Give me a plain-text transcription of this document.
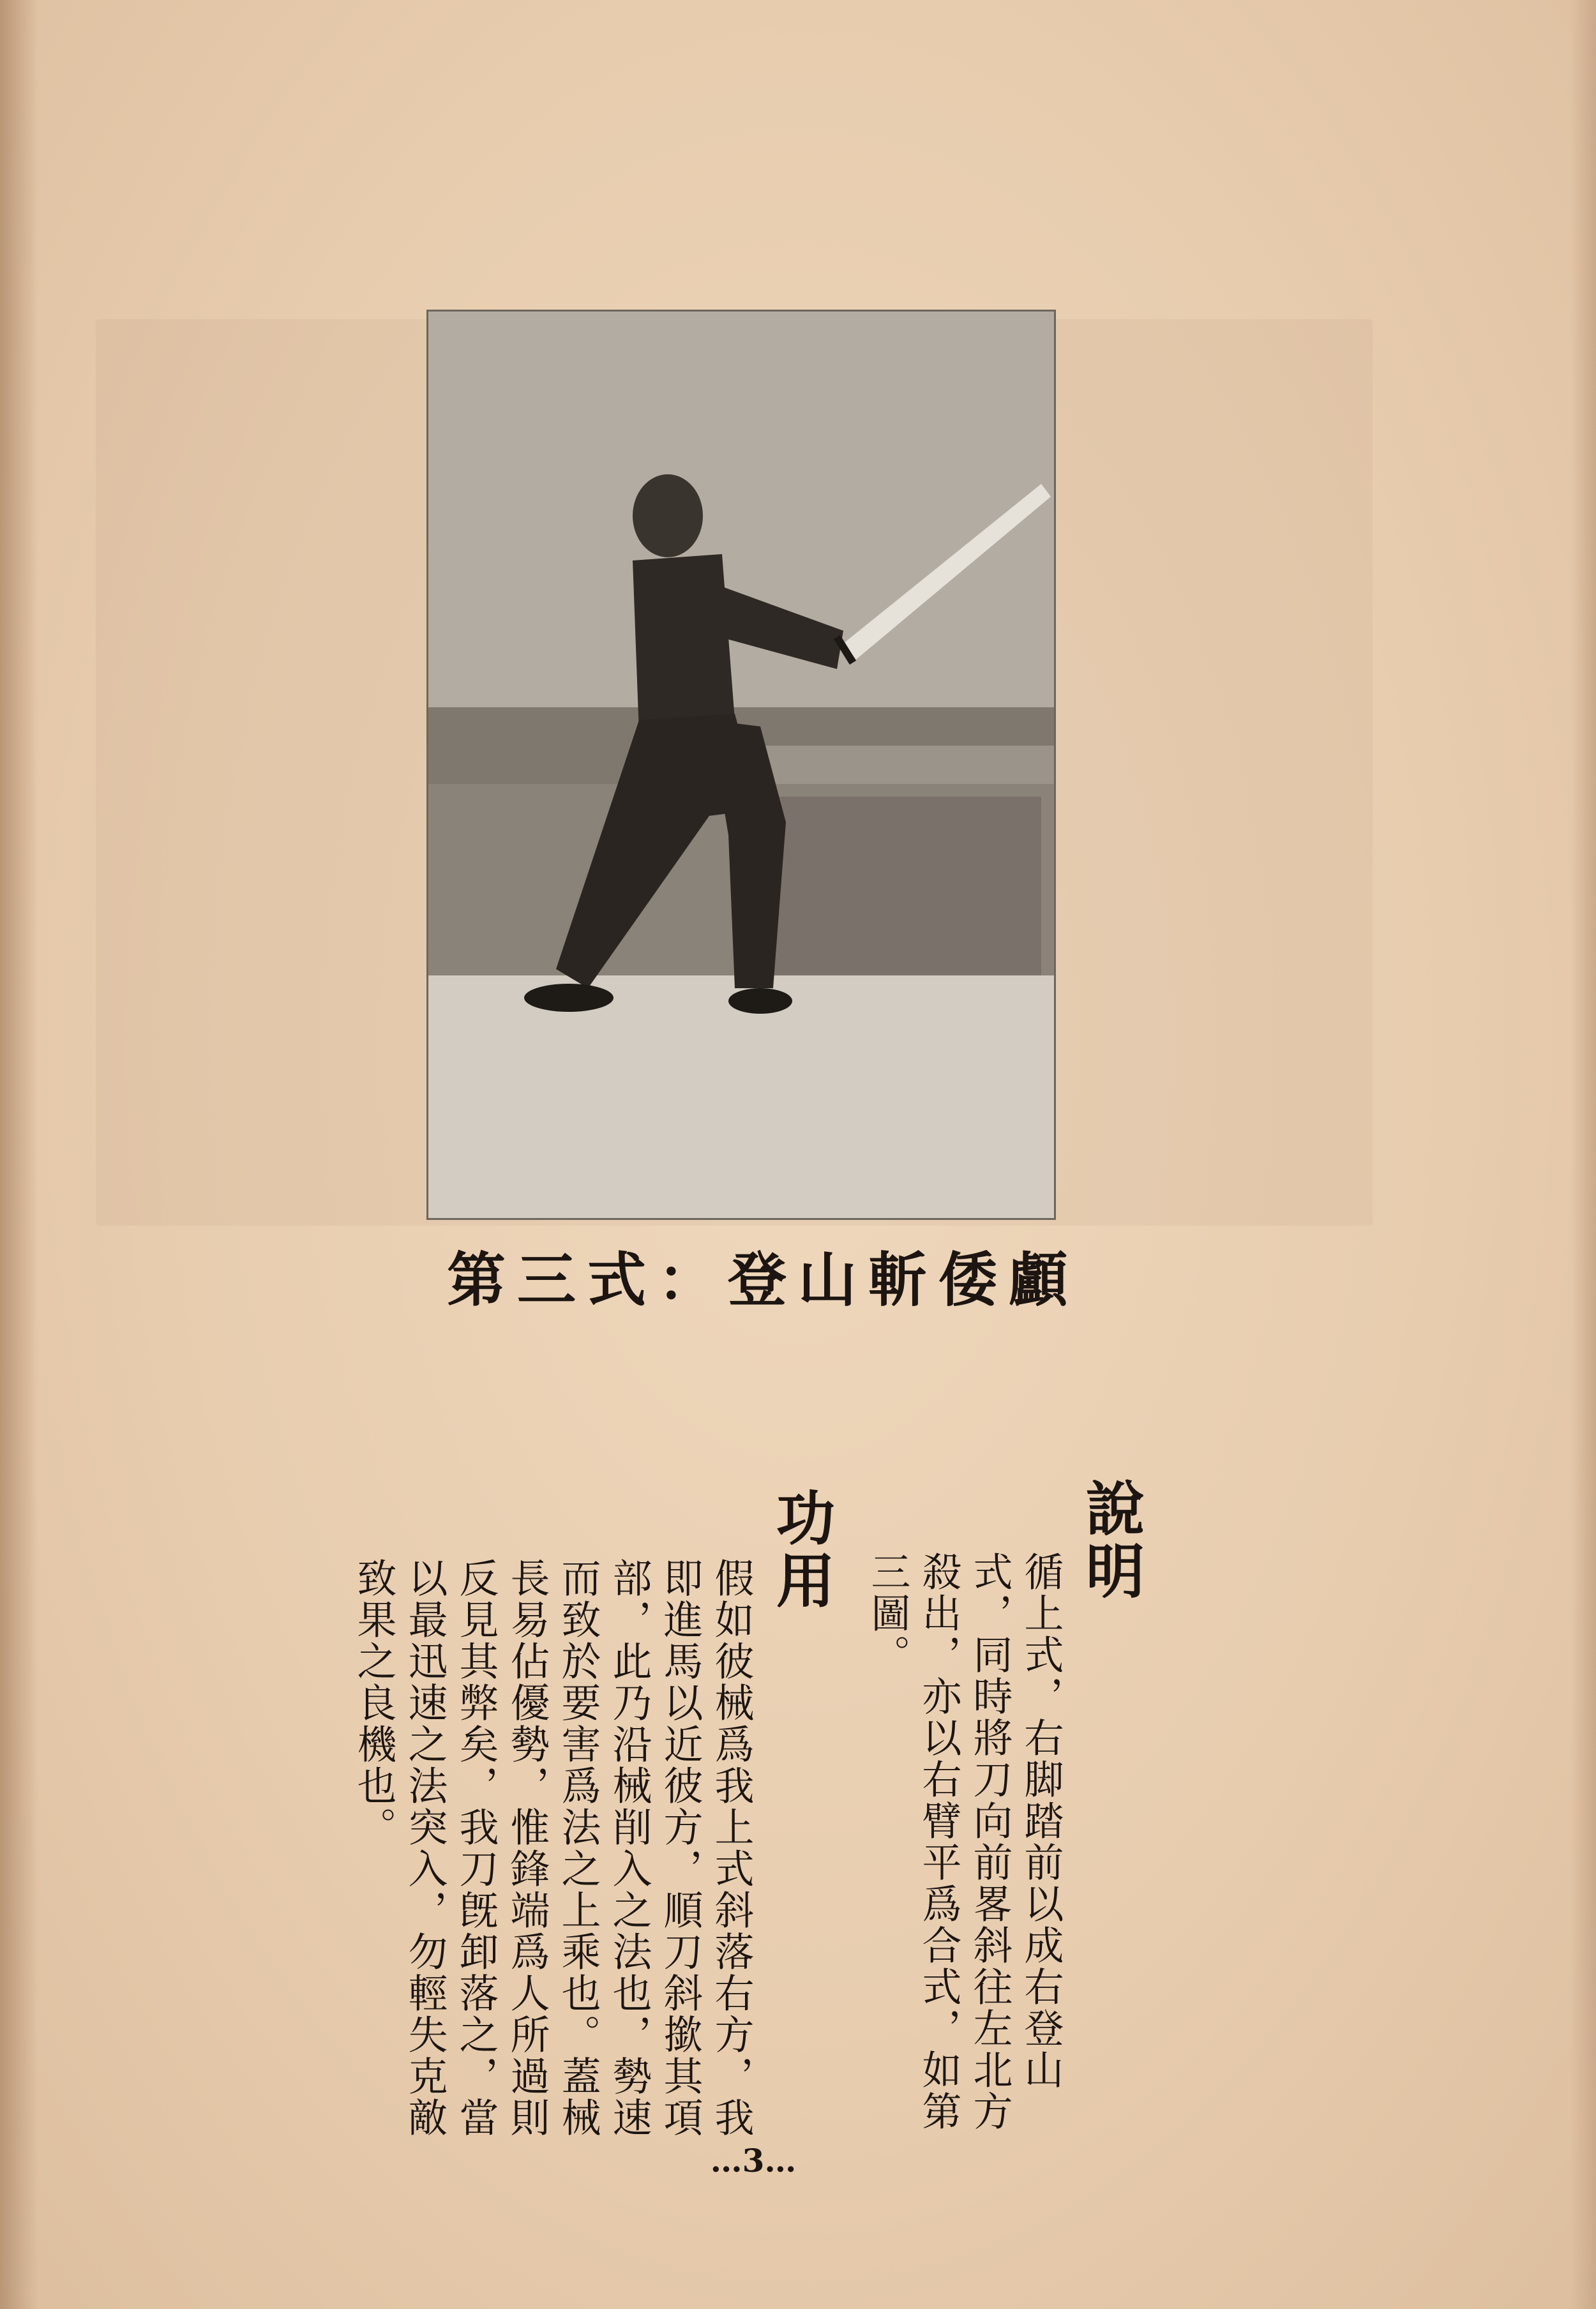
第三式：登山斬倭顱
說明
循上式，右脚踏前以成右登山式，同時將刀向前畧斜往左北方殺出，亦以右臂平爲合式，如第三圖。
功用
假如彼械爲我上式斜落右方，我即進馬以近彼方，順刀斜撳其項部，此乃沿械削入之法也，勢速而致於要害爲法之上乘也。蓋械長易佔優勢，惟鋒端爲人所過則反見其弊矣，我刀旣卸落之，當以最迅速之法突入，勿輕失克敵致果之良機也。
…3…
